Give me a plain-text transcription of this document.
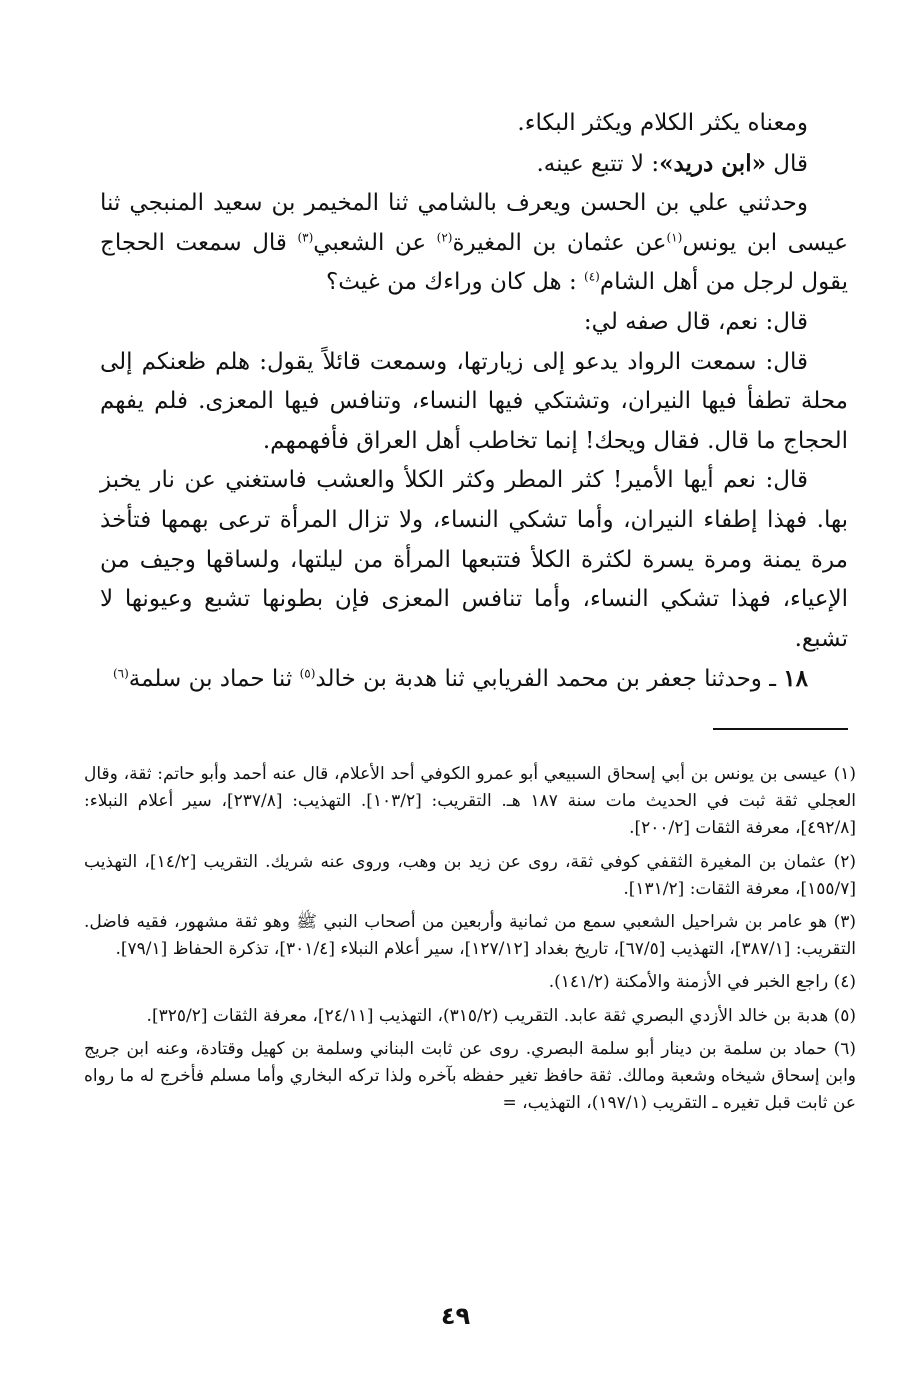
ومعناه يكثر الكلام ويكثر البكاء.

قال «ابن دريد»: لا تتبع عينه.

وحدثني علي بن الحسن ويعرف بالشامي ثنا المخيمر بن سعيد المنبجي ثنا عيسى ابن يونس$^{(١)}$عن عثمان بن المغيرة$^{(٢)}$ عن الشعبي$^{(٣)}$ قال سمعت الحجاج يقول لرجل من أهل الشام$^{(٤)}$ : هل كان وراءك من غيث؟

قال: نعم، قال صفه لي:

قال: سمعت الرواد يدعو إلى زيارتها، وسمعت قائلاً يقول: هلم ظعنكم إلى محلة تطفأ فيها النيران، وتشتكي فيها النساء، وتنافس فيها المعزى. فلم يفهم الحجاج ما قال. فقال ويحك! إنما تخاطب أهل العراق فأفهمهم.

قال: نعم أيها الأمير! كثر المطر وكثر الكلأ والعشب فاستغني عن نار يخبز بها. فهذا إطفاء النيران، وأما تشكي النساء، ولا تزال المرأة ترعى بهمها فتأخذ مرة يمنة ومرة يسرة لكثرة الكلأ فتتبعها المرأة من ليلتها، ولساقها وجيف من الإعياء، فهذا تشكي النساء، وأما تنافس المعزى فإن بطونها تشبع وعيونها لا تشبع.

١٨ ـ وحدثنا جعفر بن محمد الفريابي ثنا هدبة بن خالد$^{(٥)}$ ثنا حماد بن سلمة$^{(٦)}$

(١) عيسى بن يونس بن أبي إسحاق السبيعي أبو عمرو الكوفي أحد الأعلام، قال عنه أحمد وأبو حاتم: ثقة، وقال العجلي ثقة ثبت في الحديث مات سنة ١٨٧ هـ. التقريب: [١٠٣/٢]. التهذيب: [٢٣٧/٨]، سير أعلام النبلاء: [٤٩٢/٨]، معرفة الثقات [٢٠٠/٢].

(٢) عثمان بن المغيرة الثقفي كوفي ثقة، روى عن زيد بن وهب، وروى عنه شريك. التقريب [١٤/٢]، التهذيب [١٥٥/٧]، معرفة الثقات: [١٣١/٢].

(٣) هو عامر بن شراحيل الشعبي سمع من ثمانية وأربعين من أصحاب النبي ﷺ وهو ثقة مشهور، فقيه فاضل. التقريب: [٣٨٧/١]، التهذيب [٦٧/٥]، تاريخ بغداد [١٢٧/١٢]، سير أعلام النبلاء [٣٠١/٤]، تذكرة الحفاظ [٧٩/١].

(٤) راجع الخبر في الأزمنة والأمكنة (١٤١/٢).

(٥) هدبة بن خالد الأزدي البصري ثقة عابد. التقريب (٣١٥/٢)، التهذيب [٢٤/١١]، معرفة الثقات [٣٢٥/٢].

(٦) حماد بن سلمة بن دينار أبو سلمة البصري. روى عن ثابت البناني وسلمة بن كهيل وقتادة، وعنه ابن جريج وابن إسحاق شيخاه وشعبة ومالك. ثقة حافظ تغير حفظه بآخره ولذا تركه البخاري وأما مسلم فأخرج له ما رواه عن ثابت قبل تغيره ـ التقريب (١٩٧/١)، التهذيب، =

٤٩
